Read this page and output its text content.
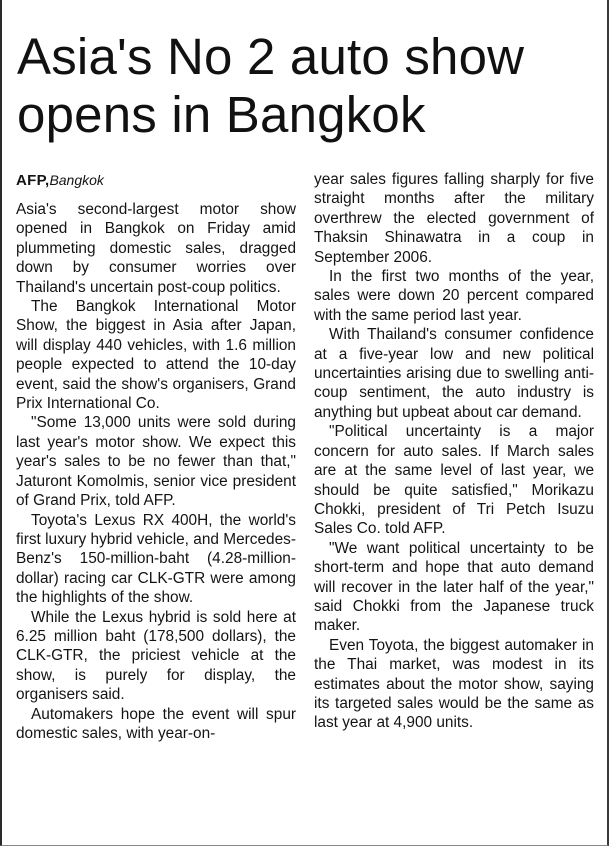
Asia's No 2 auto show opens in Bangkok
AFP,Bangkok

Asia's second-largest motor show opened in Bangkok on Friday amid plummeting domestic sales, dragged down by consumer worries over Thailand's uncertain post-coup politics.

The Bangkok International Motor Show, the biggest in Asia after Japan, will display 440 vehicles, with 1.6 million people expected to attend the 10-day event, said the show's organisers, Grand Prix International Co.

"Some 13,000 units were sold during last year's motor show. We expect this year's sales to be no fewer than that," Jaturont Komolmis, senior vice president of Grand Prix, told AFP.

Toyota's Lexus RX 400H, the world's first luxury hybrid vehicle, and Mercedes-Benz's 150-million-baht (4.28-million-dollar) racing car CLK-GTR were among the highlights of the show.

While the Lexus hybrid is sold here at 6.25 million baht (178,500 dollars), the CLK-GTR, the priciest vehicle at the show, is purely for display, the organisers said.

Automakers hope the event will spur domestic sales, with year-on-

year sales figures falling sharply for five straight months after the military overthrew the elected government of Thaksin Shinawatra in a coup in September 2006.

In the first two months of the year, sales were down 20 percent compared with the same period last year.

With Thailand's consumer confidence at a five-year low and new political uncertainties arising due to swelling anti-coup sentiment, the auto industry is anything but upbeat about car demand.

"Political uncertainty is a major concern for auto sales. If March sales are at the same level of last year, we should be quite satisfied," Morikazu Chokki, president of Tri Petch Isuzu Sales Co. told AFP.

"We want political uncertainty to be short-term and hope that auto demand will recover in the later half of the year," said Chokki from the Japanese truck maker.

Even Toyota, the biggest automaker in the Thai market, was modest in its estimates about the motor show, saying its targeted sales would be the same as last year at 4,900 units.
